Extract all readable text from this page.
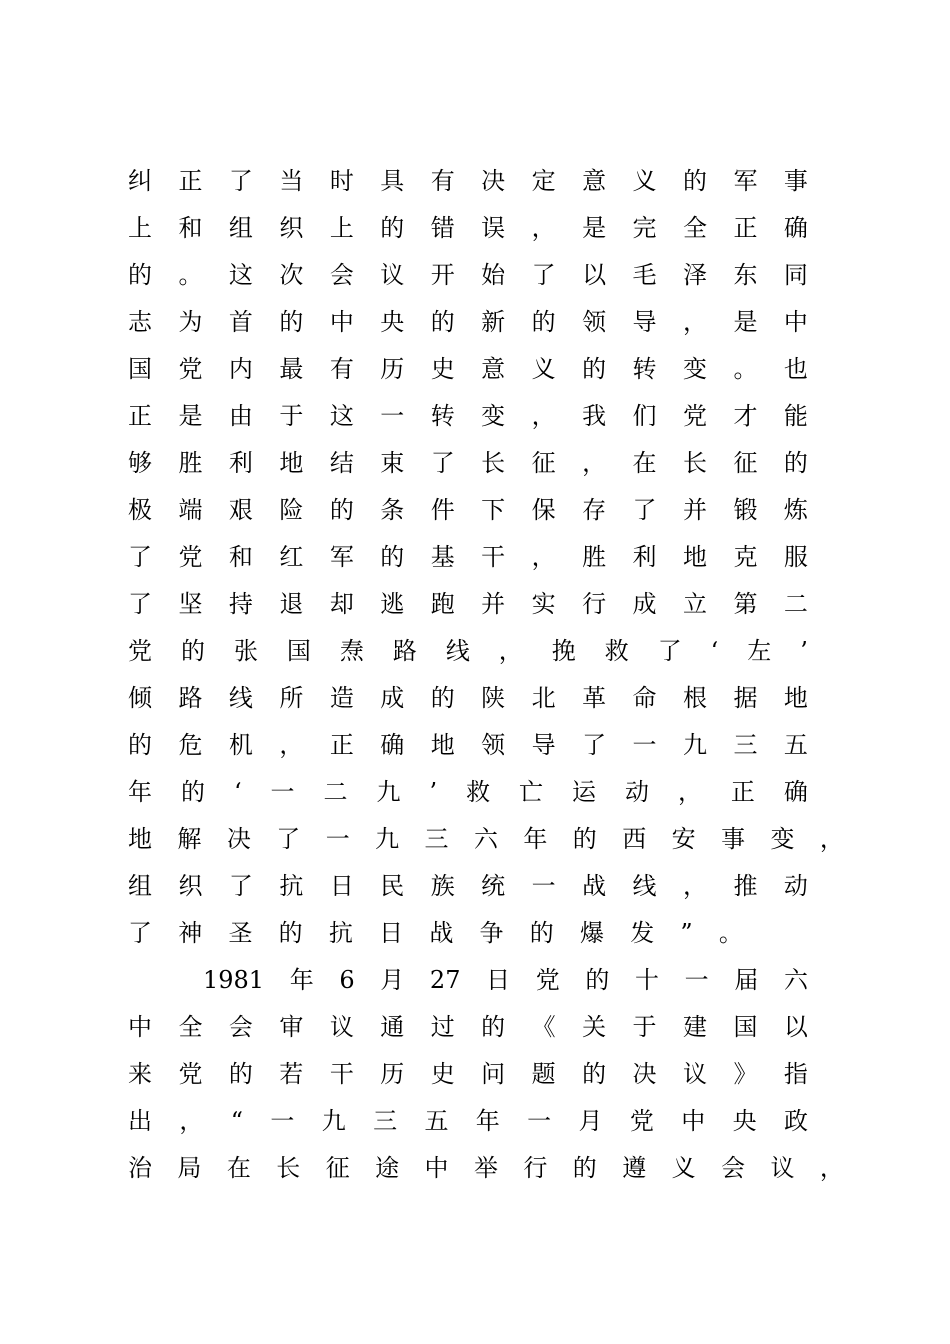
纠 正 了 当 时 具 有 决 定 意 义 的 军 事
上 和 组 织 上 的 错 误 ， 是 完 全 正 确
的 。 这 次 会 议 开 始 了 以 毛 泽 东 同
志 为 首 的 中 央 的 新 的 领 导 ， 是 中
国 党 内 最 有 历 史 意 义 的 转 变 。 也
正 是 由 于 这 一 转 变 ， 我 们 党 才 能
够 胜 利 地 结 束 了 长 征 ， 在 长 征 的
极 端 艰 险 的 条 件 下 保 存 了 并 锻 炼
了 党 和 红 军 的 基 干 ， 胜 利 地 克 服
了 坚 持 退 却 逃 跑 并 实 行 成 立 第 二
党 的 张 国 焘 路 线 ， 挽 救 了 ‘ 左 ’
倾 路 线 所 造 成 的 陕 北 革 命 根 据 地
的 危 机 ， 正 确 地 领 导 了 一 九 三 五
年 的 ‘ 一 二 九 ’ 救 亡 运 动 ， 正 确
地 解 决 了 一 九 三 六 年 的 西 安 事 变 ，
组 织 了 抗 日 民 族 统 一 战 线 ， 推 动
了 神 圣 的 抗 日 战 争 的 爆 发 ” 。
1981 年 6 月 27 日 党 的 十 一 届 六
中 全 会 审 议 通 过 的 《 关 于 建 国 以
来 党 的 若 干 历 史 问 题 的 决 议 》 指
出 ， “ 一 九 三 五 年 一 月 党 中 央 政
治 局 在 长 征 途 中 举 行 的 遵 义 会 议 ，
